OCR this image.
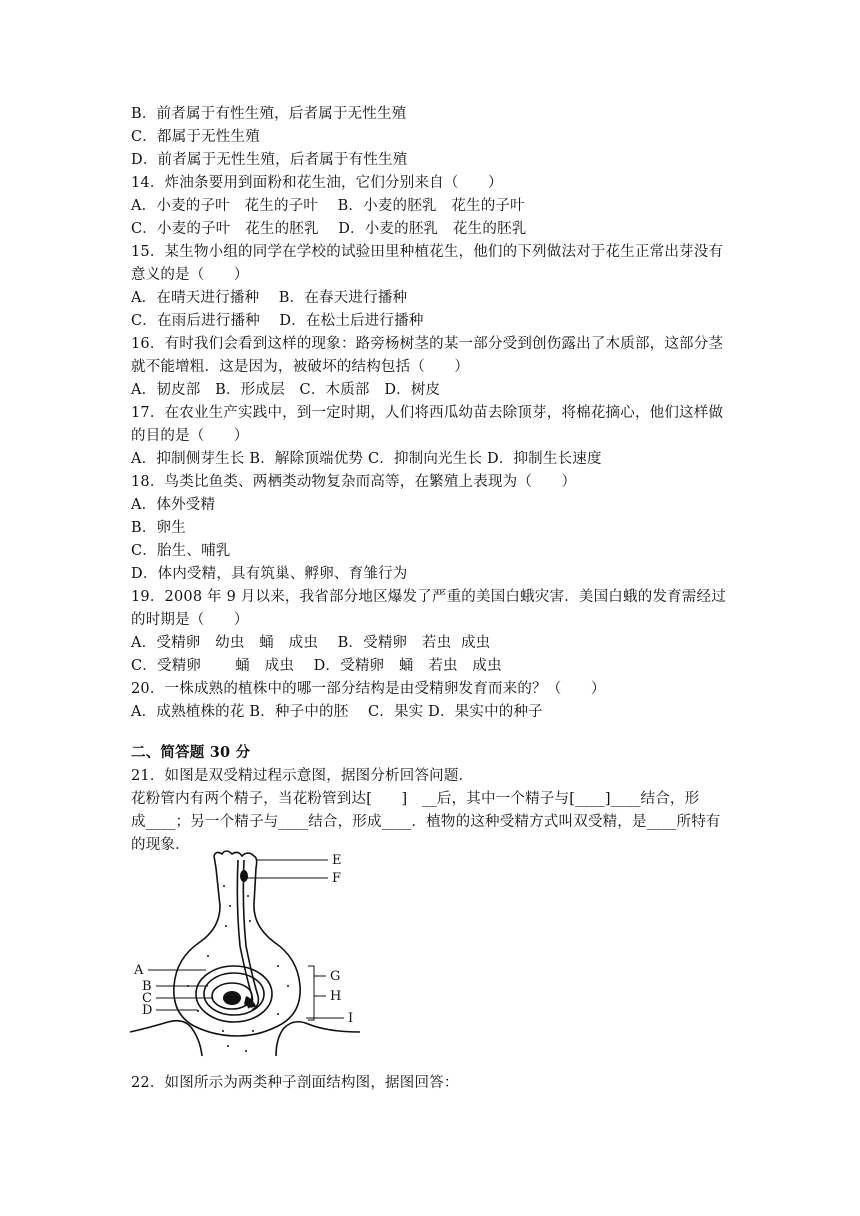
B．前者属于有性生殖，后者属于无性生殖
C．都属于无性生殖
D．前者属于无性生殖，后者属于有性生殖
14．炸油条要用到面粉和花生油，它们分别来自（　　）
A．小麦的子叶　花生的子叶　 B．小麦的胚乳　花生的子叶
C．小麦的子叶　花生的胚乳　 D．小麦的胚乳　花生的胚乳
15．某生物小组的同学在学校的试验田里种植花生，他们的下列做法对于花生正常出芽没有
意义的是（　　）
A．在晴天进行播种　 B．在春天进行播种
C．在雨后进行播种　 D．在松土后进行播种
16．有时我们会看到这样的现象：路旁杨树茎的某一部分受到创伤露出了木质部，这部分茎
就不能增粗．这是因为，被破坏的结构包括（　　）
A．韧皮部　B．形成层　C．木质部　D．树皮
17．在农业生产实践中，到一定时期，人们将西瓜幼苗去除顶芽，将棉花摘心，他们这样做
的目的是（　　）
A．抑制侧芽生长 B．解除顶端优势 C．抑制向光生长 D．抑制生长速度
18．鸟类比鱼类、两栖类动物复杂而高等，在繁殖上表现为（　　）
A．体外受精
B．卵生
C．胎生、哺乳
D．体内受精，具有筑巢、孵卵、育雏行为
19．2008 年 9 月以来，我省部分地区爆发了严重的美国白蛾灾害．美国白蛾的发育需经过
的时期是（　　）
A．受精卵　幼虫　蛹　成虫　 B．受精卵　若虫  成虫
C．受精卵　　 蛹　成虫　 D．受精卵　蛹　若虫　成虫
20．一株成熟的植株中的哪一部分结构是由受精卵发育而来的？（　　）
A．成熟植株的花 B．种子中的胚　 C．果实 D．果实中的种子
二、简答题 30 分
21．如图是双受精过程示意图，据图分析回答问题．
花粉管内有两个精子，当花粉管到达[　　]　__后，其中一个精子与[____]____结合，形
成____；另一个精子与____结合，形成____．植物的这种受精方式叫双受精，是____所特有
的现象．
E
F
G
H
I
A
B
C
D
22．如图所示为两类种子剖面结构图，据图回答：
